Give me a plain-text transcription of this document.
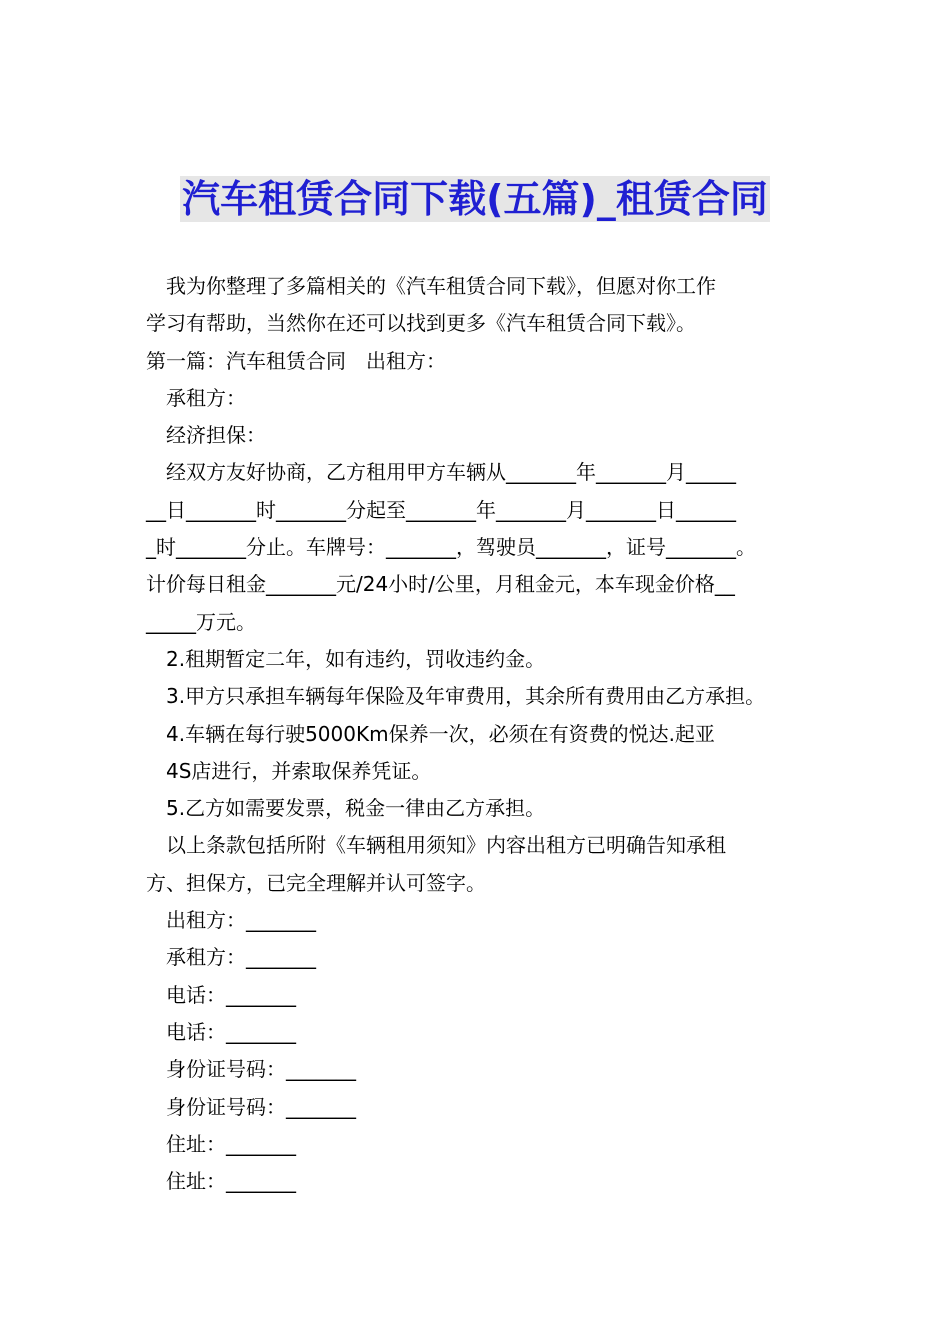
汽车租赁合同下载(五篇)_租赁合同
我为你整理了多篇相关的《汽车租赁合同下载》，但愿对你工作
学习有帮助，当然你在还可以找到更多《汽车租赁合同下载》。
第一篇：汽车租赁合同　出租方：
承租方：
经济担保：
经双方友好协商，乙方租用甲方车辆从_______年_______月_____
__日_______时_______分起至_______年_______月_______日______
_时_______分止。车牌号：_______，驾驶员_______，证号_______。
计价每日租金_______元/24小时/公里，月租金元，本车现金价格__
_____万元。
2.租期暂定二年，如有违约，罚收违约金。
3.甲方只承担车辆每年保险及年审费用，其余所有费用由乙方承担。
4.车辆在每行驶5000Km保养一次，必须在有资费的悦达.起亚
4S店进行，并索取保养凭证。
5.乙方如需要发票，税金一律由乙方承担。
以上条款包括所附《车辆租用须知》内容出租方已明确告知承租
方、担保方，已完全理解并认可签字。
出租方：_______
承租方：_______
电话：_______
电话：_______
身份证号码：_______
身份证号码：_______
住址：_______
住址：_______
